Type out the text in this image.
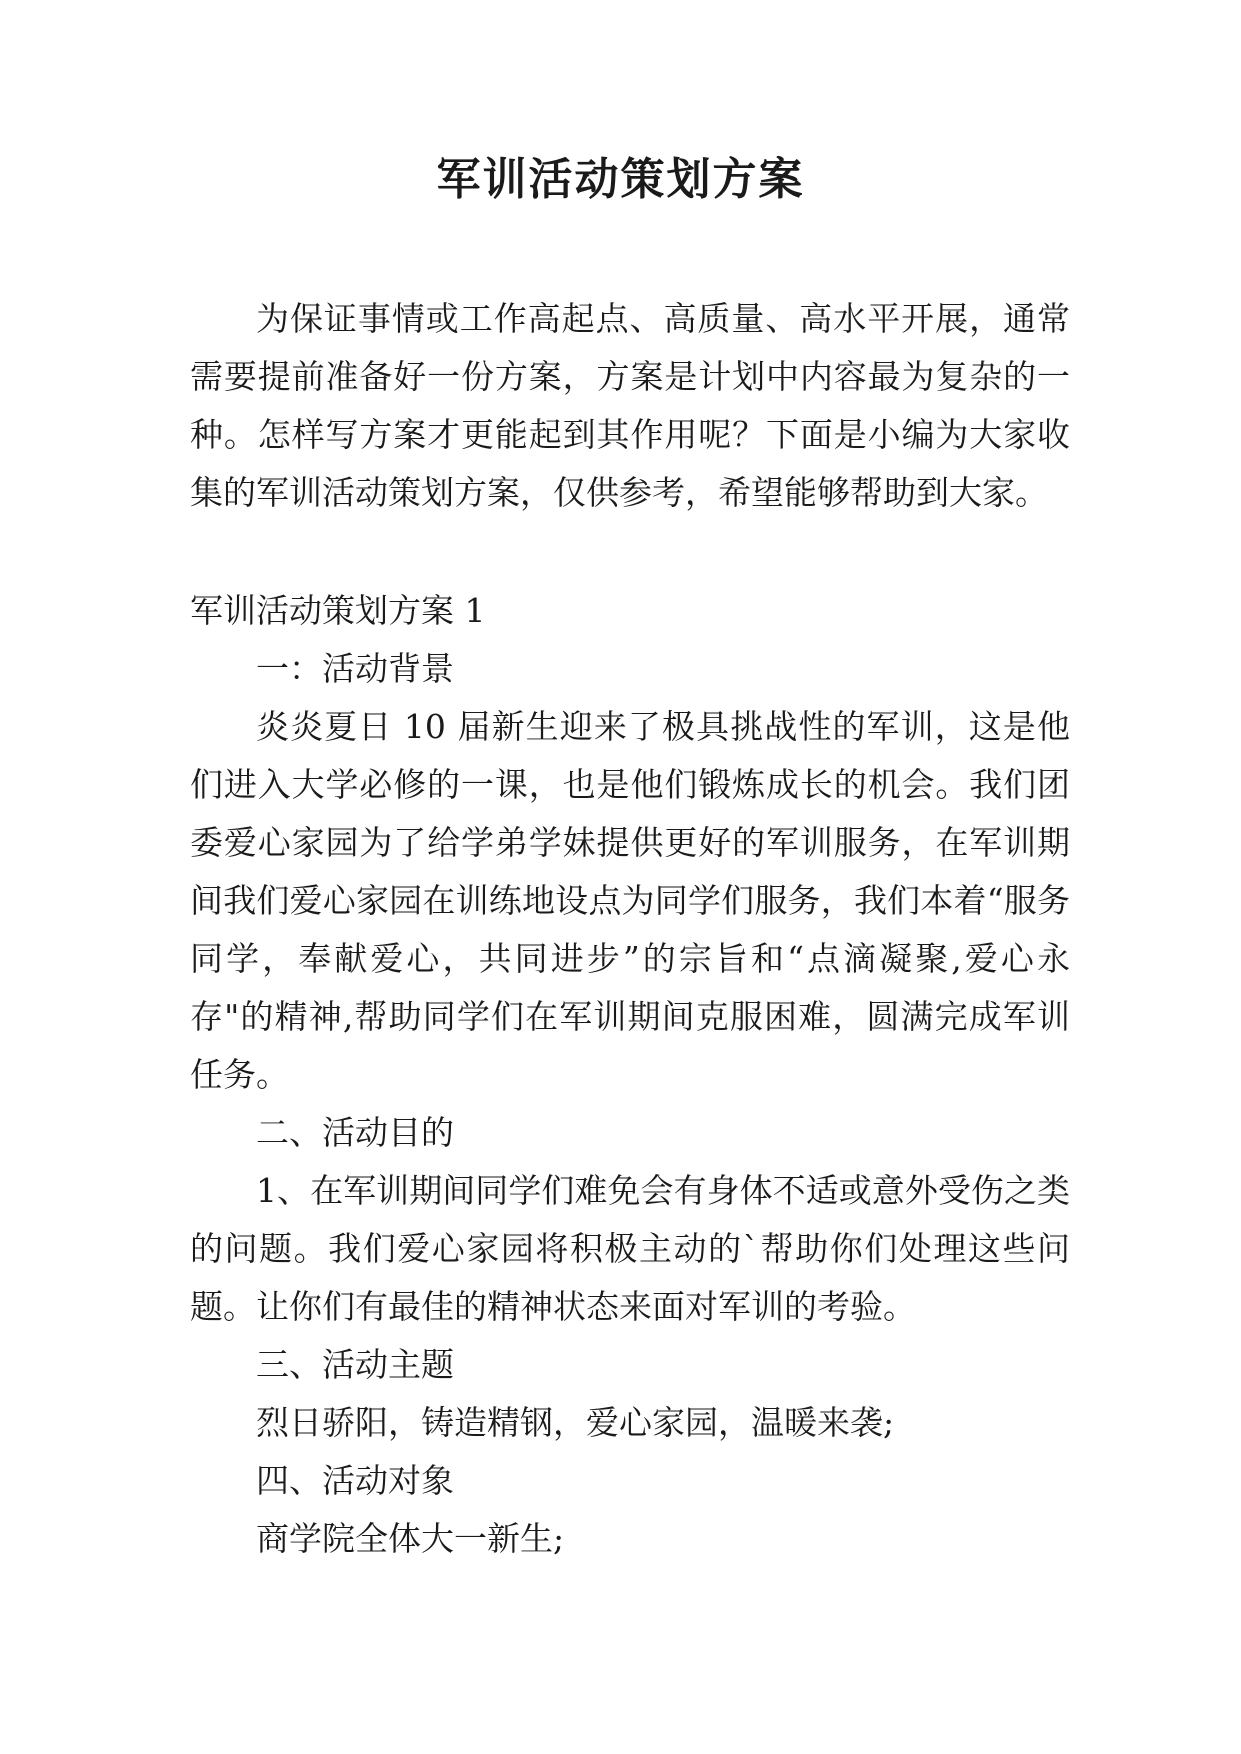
军训活动策划方案

为保证事情或工作高起点、高质量、高水平开展，通常需要提前准备好一份方案，方案是计划中内容最为复杂的一种。怎样写方案才更能起到其作用呢？下面是小编为大家收集的军训活动策划方案，仅供参考，希望能够帮助到大家。

军训活动策划方案 1

一：活动背景

炎炎夏日 10 届新生迎来了极具挑战性的军训，这是他们进入大学必修的一课，也是他们锻炼成长的机会。我们团委爱心家园为了给学弟学妹提供更好的军训服务，在军训期间我们爱心家园在训练地设点为同学们服务，我们本着“服务同学，奉献爱心，共同进步”的宗旨和“点滴凝聚,爱心永存"的精神,帮助同学们在军训期间克服困难，圆满完成军训任务。

二、活动目的

1、在军训期间同学们难免会有身体不适或意外受伤之类的问题。我们爱心家园将积极主动的`帮助你们处理这些问题。让你们有最佳的精神状态来面对军训的考验。

三、活动主题

烈日骄阳，铸造精钢，爱心家园，温暖来袭;

四、活动对象

商学院全体大一新生;
